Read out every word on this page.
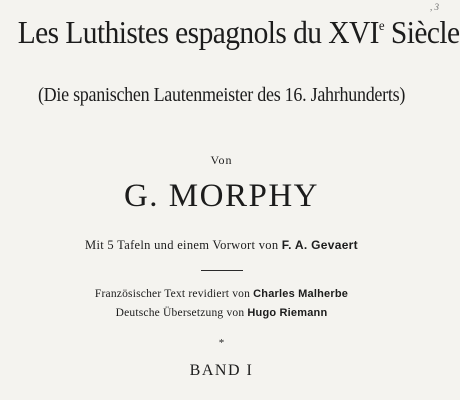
, 3
Les Luthistes espagnols du XVIe Siècle
(Die spanischen Lautenmeister des 16. Jahrhunderts)
Von
G. MORPHY
Mit 5 Tafeln und einem Vorwort von F. A. Gevaert
Französischer Text revidiert von Charles Malherbe
Deutsche Übersetzung von Hugo Riemann
*
BAND I
